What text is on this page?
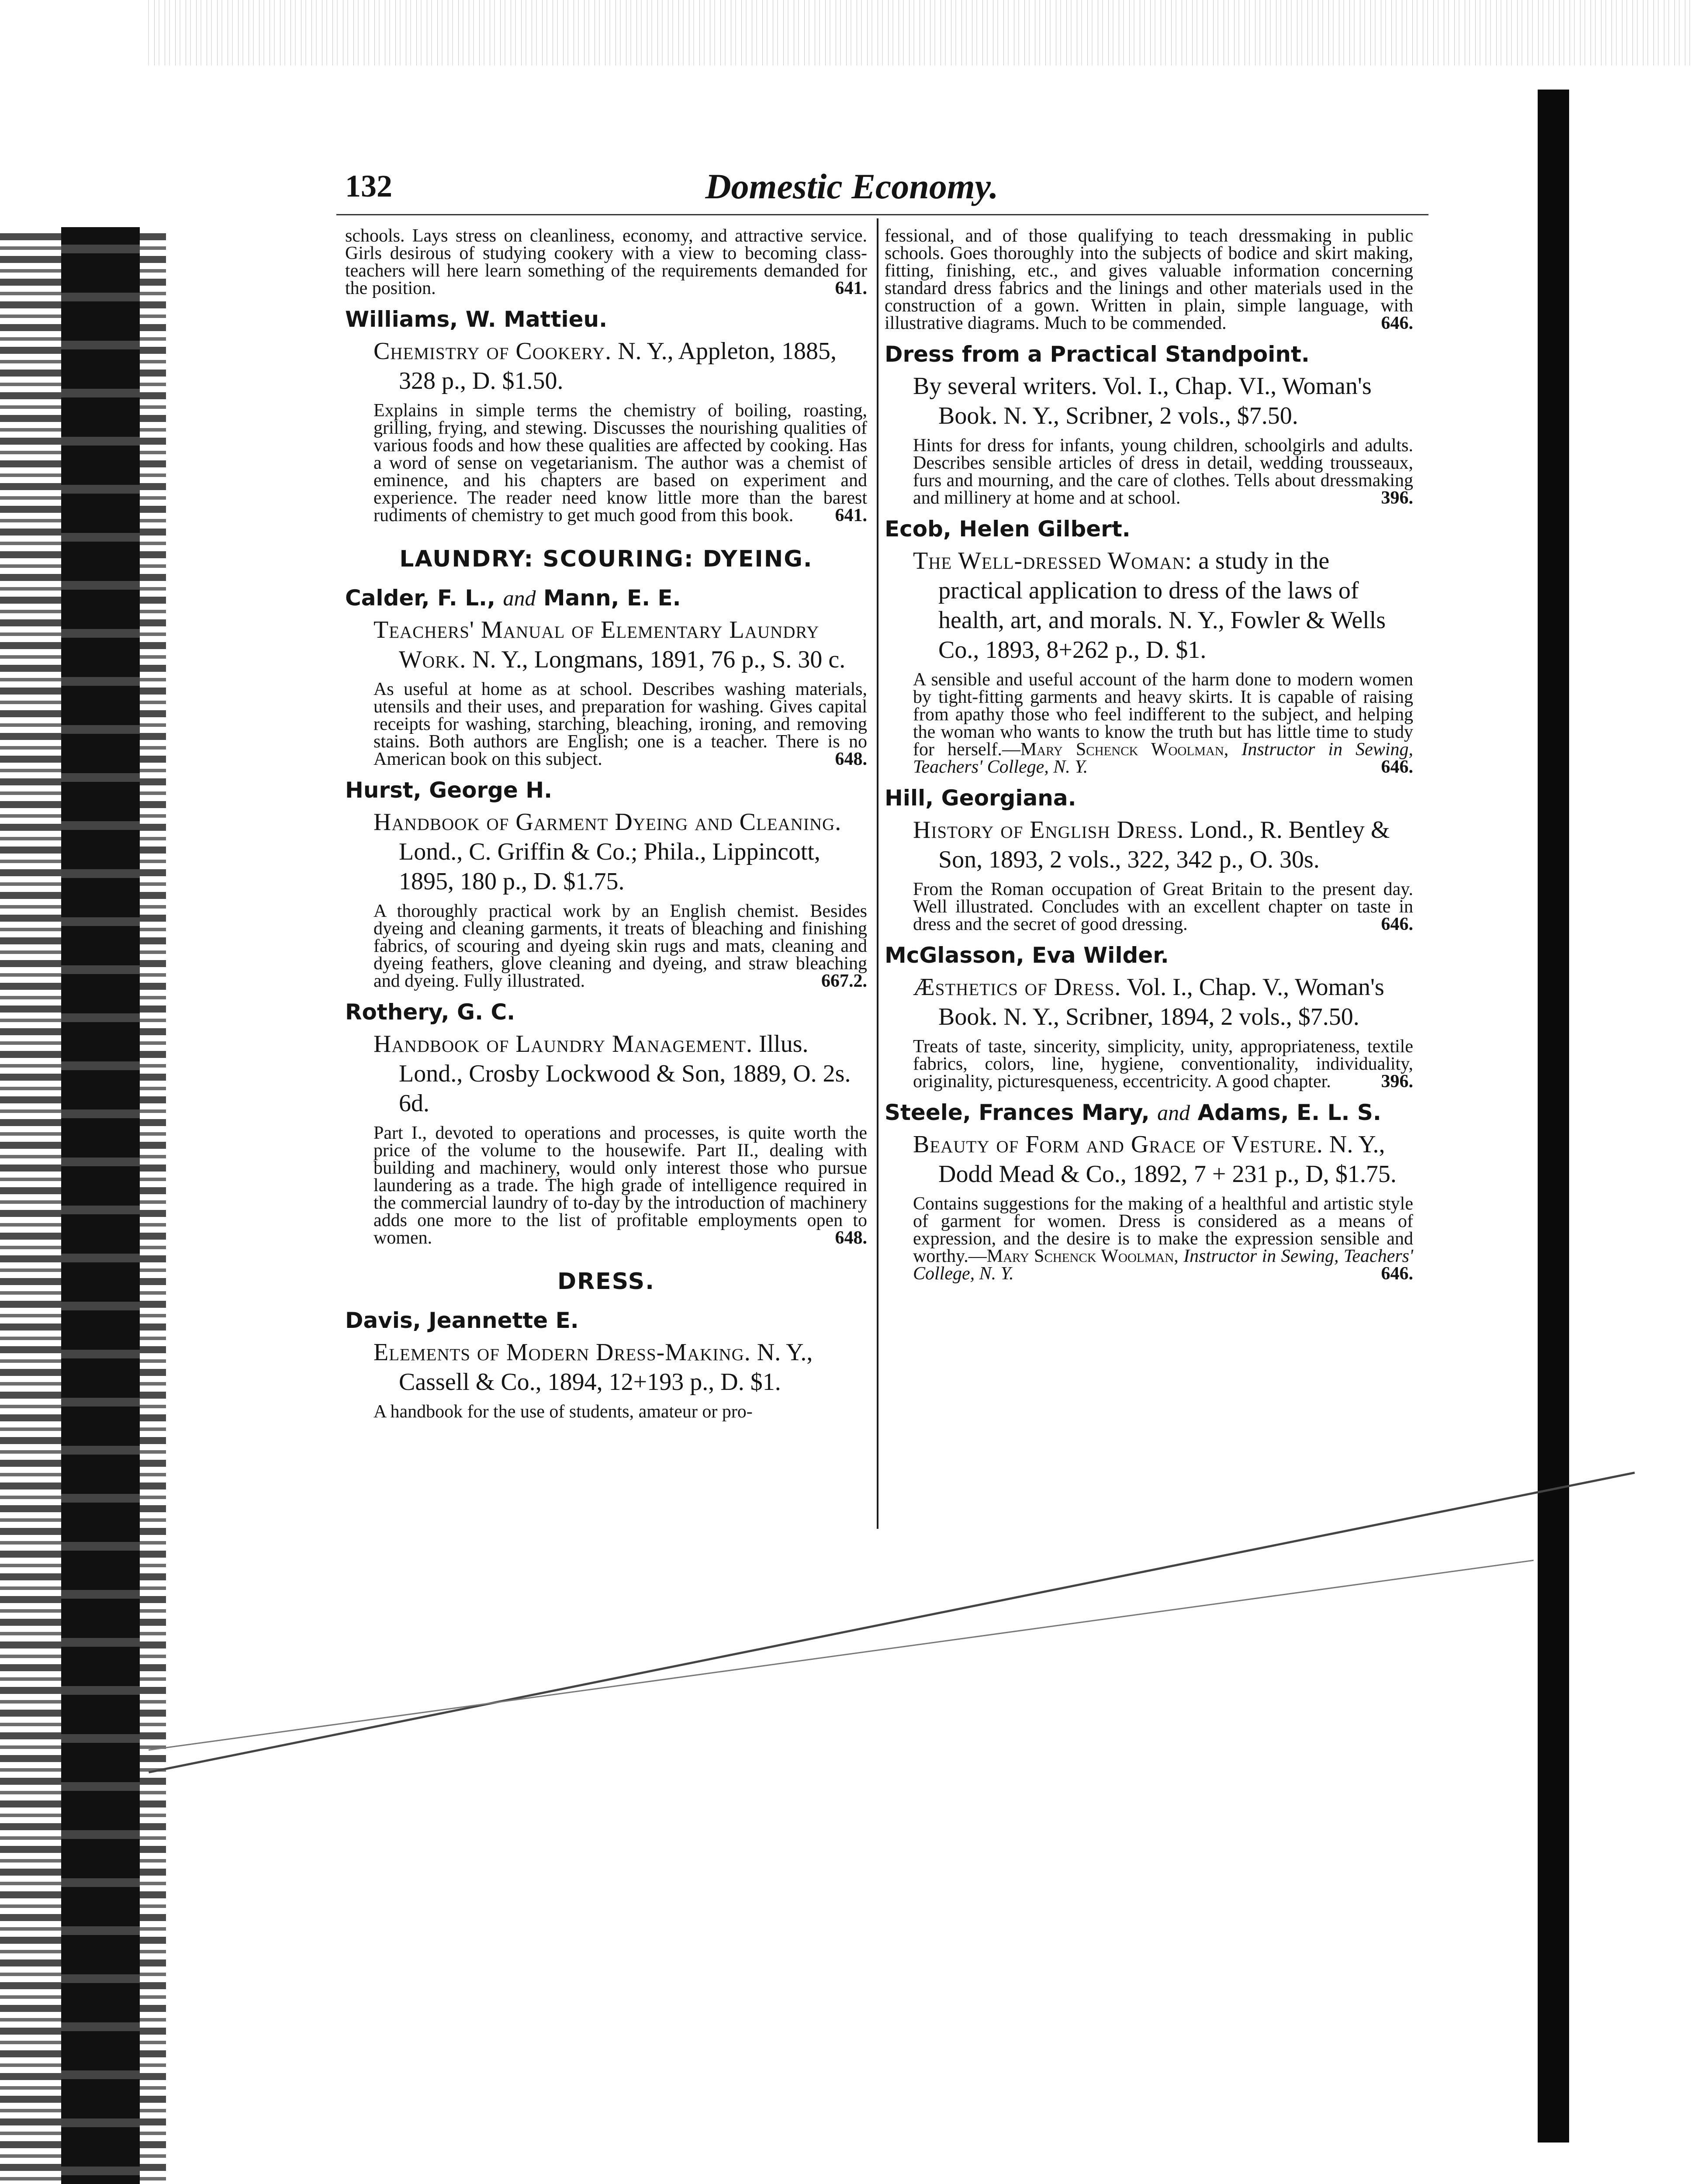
132	Domestic Economy.

schools. Lays stress on cleanliness, economy, and attractive service. Girls desirous of studying cookery with a view to becoming class-teachers will here learn something of the requirements demanded for the position.	641.

Williams, W. Mattieu.
Chemistry of Cookery. N. Y., Appleton, 1885, 328 p., D. $1.50.

Explains in simple terms the chemistry of boiling, roasting, grilling, frying, and stewing. Discusses the nourishing qualities of various foods and how these qualities are affected by cooking. Has a word of sense on vegetarianism. The author was a chemist of eminence, and his chapters are based on experiment and experience. The reader need know little more than the barest rudiments of chemistry to get much good from this book. 641.

LAUNDRY: SCOURING: DYEING.
Calder, F. L., and Mann, E. E.
Teachers' Manual of Elementary Laundry Work. N. Y., Longmans, 1891, 76 p., S. 30 c.

As useful at home as at school. Describes washing materials, utensils and their uses, and preparation for washing. Gives capital receipts for washing, starching, bleaching, ironing, and removing stains. Both authors are English; one is a teacher. There is no American book on this subject.	648.

Hurst, George H.
Handbook of Garment Dyeing and Cleaning. Lond., C. Griffin & Co.; Phila., Lippincott, 1895, 180 p., D. $1.75.

A thoroughly practical work by an English chemist. Besides dyeing and cleaning garments, it treats of bleaching and finishing fabrics, of scouring and dyeing skin rugs and mats, cleaning and dyeing feathers, glove cleaning and dyeing, and straw bleaching and dyeing. Fully illustrated.	667.2.

Rothery, G. C.
Handbook of Laundry Management. Illus. Lond., Crosby Lockwood & Son, 1889, O. 2s. 6d.

Part I., devoted to operations and processes, is quite worth the price of the volume to the housewife. Part II., dealing with building and machinery, would only interest those who pursue laundering as a trade. The high grade of intelligence required in the commercial laundry of to-day by the introduction of machinery adds one more to the list of profitable employments open to women.	648.

DRESS.
Davis, Jeannette E.
Elements of Modern Dress-Making. N. Y., Cassell & Co., 1894, 12+193 p., D. $1.

A handbook for the use of students, amateur or pro-

fessional, and of those qualifying to teach dressmaking in public schools. Goes thoroughly into the subjects of bodice and skirt making, fitting, finishing, etc., and gives valuable information concerning standard dress fabrics and the linings and other materials used in the construction of a gown. Written in plain, simple language, with illustrative diagrams. Much to be commended.	646.

Dress from a Practical Standpoint.
By several writers. Vol. I., Chap. VI., Woman's Book. N. Y., Scribner, 2 vols., $7.50.

Hints for dress for infants, young children, schoolgirls and adults. Describes sensible articles of dress in detail, wedding trousseaux, furs and mourning, and the care of clothes. Tells about dressmaking and millinery at home and at school.	396.

Ecob, Helen Gilbert.
The Well-dressed Woman: a study in the practical application to dress of the laws of health, art, and morals. N. Y., Fowler & Wells Co., 1893, 8+262 p., D. $1.

A sensible and useful account of the harm done to modern women by tight-fitting garments and heavy skirts. It is capable of raising from apathy those who feel indifferent to the subject, and helping the woman who wants to know the truth but has little time to study for herself.—Mary Schenck Woolman, Instructor in Sewing, Teachers' College, N. Y.	646.

Hill, Georgiana.
History of English Dress. Lond., R. Bentley & Son, 1893, 2 vols., 322, 342 p., O. 30s.

From the Roman occupation of Great Britain to the present day. Well illustrated. Concludes with an excellent chapter on taste in dress and the secret of good dressing.	646.

McGlasson, Eva Wilder.
Æsthetics of Dress. Vol. I., Chap. V., Woman's Book. N. Y., Scribner, 1894, 2 vols., $7.50.

Treats of taste, sincerity, simplicity, unity, appropriateness, textile fabrics, colors, line, hygiene, conventionality, individuality, originality, picturesqueness, eccentricity. A good chapter.	396.

Steele, Frances Mary, and Adams, E. L. S.
Beauty of Form and Grace of Vesture. N. Y., Dodd Mead & Co., 1892, 7 + 231 p., D, $1.75.

Contains suggestions for the making of a healthful and artistic style of garment for women. Dress is considered as a means of expression, and the desire is to make the expression sensible and worthy.—Mary Schenck Woolman, Instructor in Sewing, Teachers' College, N. Y.	646.
